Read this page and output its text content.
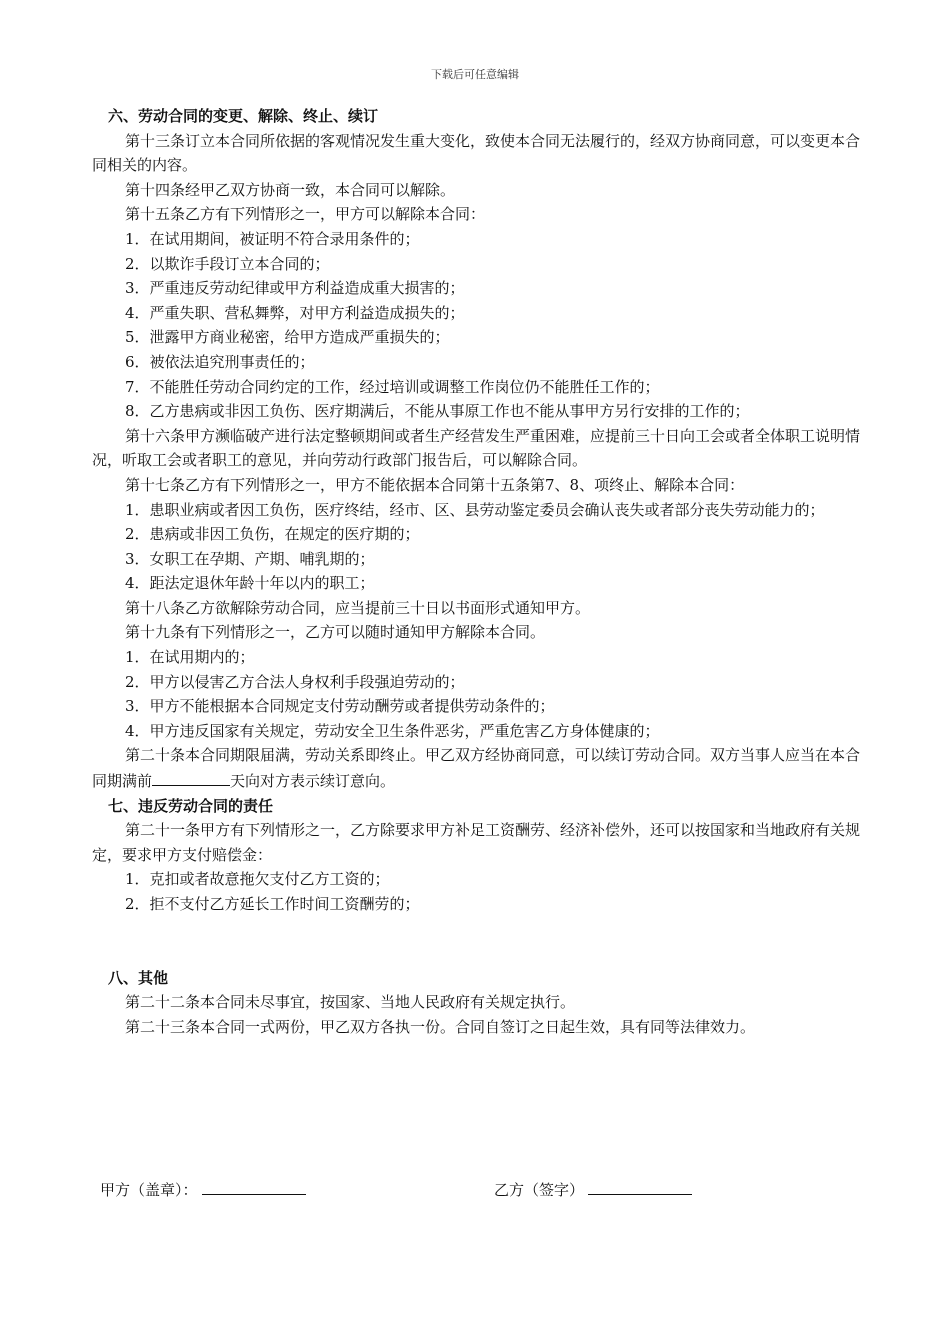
下载后可任意编辑

六、劳动合同的变更、解除、终止、续订

第十三条订立本合同所依据的客观情况发生重大变化，致使本合同无法履行的，经双方协商同意，可以变更本合同相关的内容。

第十四条经甲乙双方协商一致，本合同可以解除。

第十五条乙方有下列情形之一，甲方可以解除本合同：

1．在试用期间，被证明不符合录用条件的；

2．以欺诈手段订立本合同的；

3．严重违反劳动纪律或甲方利益造成重大损害的；

4．严重失职、营私舞弊，对甲方利益造成损失的；

5．泄露甲方商业秘密，给甲方造成严重损失的；

6．被依法追究刑事责任的；

7．不能胜任劳动合同约定的工作，经过培训或调整工作岗位仍不能胜任工作的；

8．乙方患病或非因工负伤、医疗期满后，不能从事原工作也不能从事甲方另行安排的工作的；

第十六条甲方濒临破产进行法定整顿期间或者生产经营发生严重困难，应提前三十日向工会或者全体职工说明情况，听取工会或者职工的意见，并向劳动行政部门报告后，可以解除合同。

第十七条乙方有下列情形之一，甲方不能依据本合同第十五条第7、8、项终止、解除本合同：

1．患职业病或者因工负伤，医疗终结，经市、区、县劳动鉴定委员会确认丧失或者部分丧失劳动能力的；

2．患病或非因工负伤，在规定的医疗期的；

3．女职工在孕期、产期、哺乳期的；

4．距法定退休年龄十年以内的职工；

第十八条乙方欲解除劳动合同，应当提前三十日以书面形式通知甲方。

第十九条有下列情形之一，乙方可以随时通知甲方解除本合同。

1．在试用期内的；

2．甲方以侵害乙方合法人身权利手段强迫劳动的；

3．甲方不能根据本合同规定支付劳动酬劳或者提供劳动条件的；

4．甲方违反国家有关规定，劳动安全卫生条件恶劣，严重危害乙方身体健康的；

第二十条本合同期限届满，劳动关系即终止。甲乙双方经协商同意，可以续订劳动合同。双方当事人应当在本合同期满前	天向对方表示续订意向。

七、违反劳动合同的责任

第二十一条甲方有下列情形之一，乙方除要求甲方补足工资酬劳、经济补偿外，还可以按国家和当地政府有关规定，要求甲方支付赔偿金：

1．克扣或者故意拖欠支付乙方工资的；

2．拒不支付乙方延长工作时间工资酬劳的；

八、其他

第二十二条本合同未尽事宜，按国家、当地人民政府有关规定执行。

第二十三条本合同一式两份，甲乙双方各执一份。合同自签订之日起生效，具有同等法律效力。

甲方（盖章）：	乙方（签字）
